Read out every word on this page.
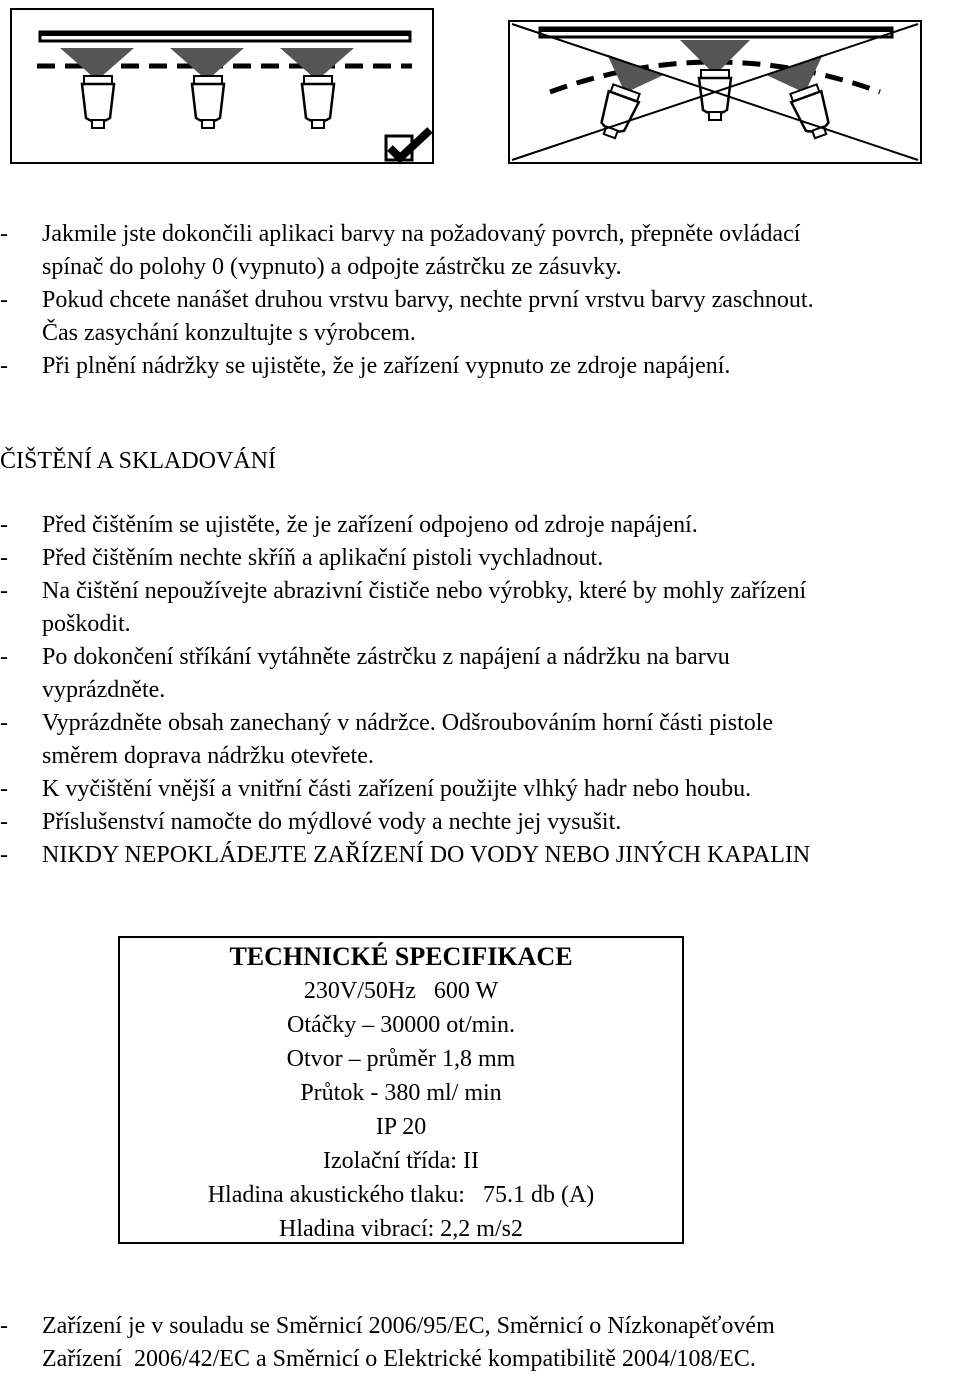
- Jakmile jste dokončili aplikaci barvy na požadovaný povrch, přepněte ovládací
spínač do polohy 0 (vypnuto) a odpojte zástrčku ze zásuvky.
- Pokud chcete nanášet druhou vrstvu barvy, nechte první vrstvu barvy zaschnout.
Čas zasychání konzultujte s výrobcem.
- Při plnění nádržky se ujistěte, že je zařízení vypnuto ze zdroje napájení.
ČIŠTĚNÍ A SKLADOVÁNÍ
- Před čištěním se ujistěte, že je zařízení odpojeno od zdroje napájení.
- Před čištěním nechte skříň a aplikační pistoli vychladnout.
- Na čištění nepoužívejte abrazivní čističe nebo výrobky, které by mohly zařízení
poškodit.
- Po dokončení stříkání vytáhněte zástrčku z napájení a nádržku na barvu
vyprázdněte.
- Vyprázdněte obsah zanechaný v nádržce. Odšroubováním horní části pistole
směrem doprava nádržku otevřete.
- K vyčištění vnější a vnitřní části zařízení použijte vlhký hadr nebo houbu.
- Příslušenství namočte do mýdlové vody a nechte jej vysušit.
- NIKDY NEPOKLÁDEJTE ZAŘÍZENÍ DO VODY NEBO JINÝCH KAPALIN
TECHNICKÉ SPECIFIKACE
230V/50Hz   600 W
Otáčky – 30000 ot/min.
Otvor – průměr 1,8 mm
Průtok - 380 ml/ min
IP 20
Izolační třída: II
Hladina akustického tlaku:   75.1 db (A)
Hladina vibrací: 2,2 m/s2
- Zařízení je v souladu se Směrnicí 2006/95/EC, Směrnicí o Nízkonapěťovém
Zařízení  2006/42/EC a Směrnicí o Elektrické kompatibilitě 2004/108/EC.
